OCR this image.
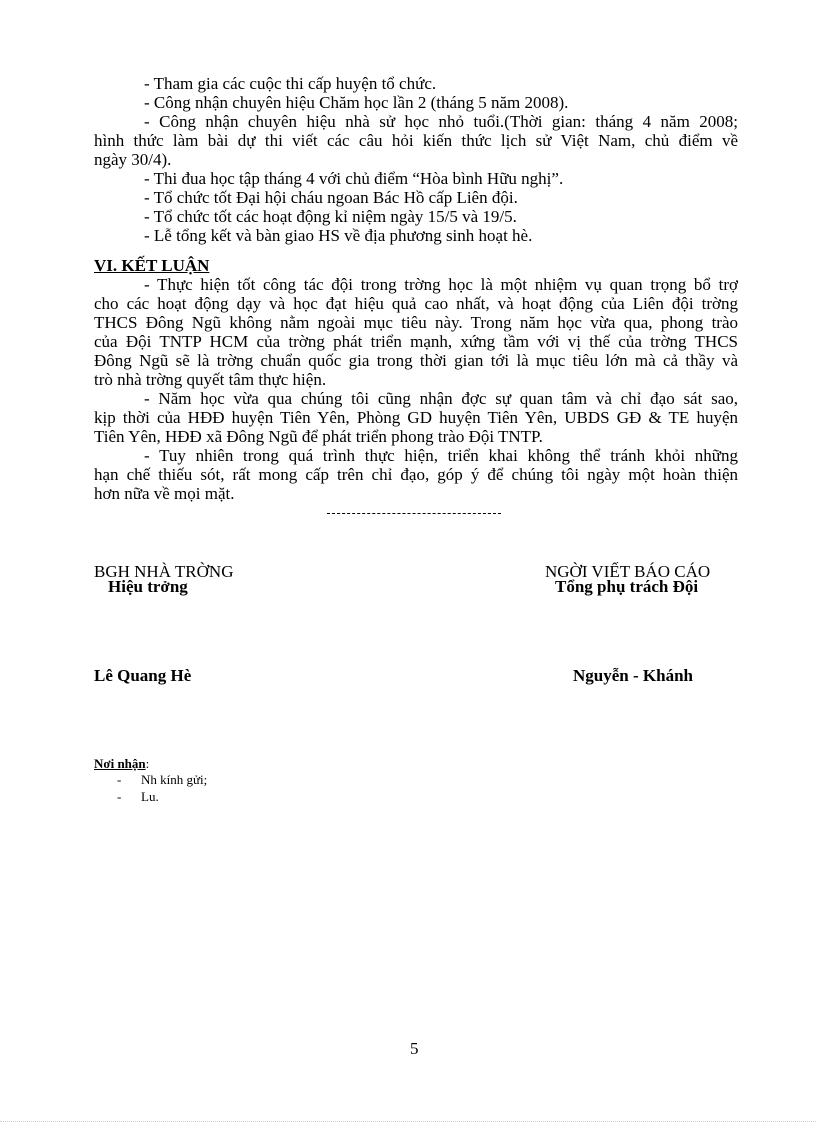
- Tham gia các cuộc thi cấp huyện tổ chức.
- Công nhận chuyên hiệu Chăm học lần 2 (tháng 5 năm 2008).
- Công nhận chuyên hiệu nhà sử học nhỏ tuổi.(Thời gian: tháng 4 năm 2008;
hình thức làm bài dự thi viết các câu hỏi kiến thức lịch sử Việt Nam, chủ điểm về
ngày 30/4).
- Thi đua học tập tháng 4 với chủ điểm “Hòa bình Hữu nghị”.
- Tổ chức tốt Đại hội cháu ngoan Bác Hồ cấp Liên đội.
- Tổ chức tốt các hoạt động kỉ niệm ngày 15/5 và 19/5.
- Lễ tổng kết và bàn giao HS về địa phương sinh hoạt hè.
VI. KẾT LUẬN
- Thực hiện tốt công tác đội trong trờng học là một nhiệm vụ quan trọng bổ trợ
cho các hoạt động dạy và học đạt hiệu quả cao nhất, và hoạt động của Liên đội trờng
THCS Đông Ngũ không nằm ngoài mục tiêu này. Trong năm học vừa qua, phong trào
của Đội TNTP HCM của trờng phát triển mạnh, xứng tầm với vị thế của trờng THCS
Đông Ngũ sẽ là trờng chuẩn quốc gia trong thời gian tới là mục tiêu lớn mà cả thầy và
trò nhà trờng quyết tâm thực hiện.
- Năm học vừa qua chúng tôi cũng nhận đợc sự quan tâm và chỉ đạo sát sao,
kịp thời của HĐĐ huyện Tiên Yên, Phòng GD huyện Tiên Yên, UBDS GĐ & TE huyện
Tiên Yên, HĐĐ xã Đông Ngũ để phát triển phong trào Đội TNTP.
- Tuy nhiên trong quá trình thực hiện, triển khai không thể tránh khỏi những
hạn chế thiếu sót, rất mong cấp trên chỉ đạo, góp ý để chúng tôi ngày một hoàn thiện
hơn nữa về mọi mặt.
BGH NHÀ TRỜNG
Hiệu trởng
Lê Quang Hè
NGỜI VIẾT BÁO CÁO
Tổng phụ trách Đội
Nguyễn - Khánh
Nơi nhận:
- Nh kính gửi;
- Lu.
5
